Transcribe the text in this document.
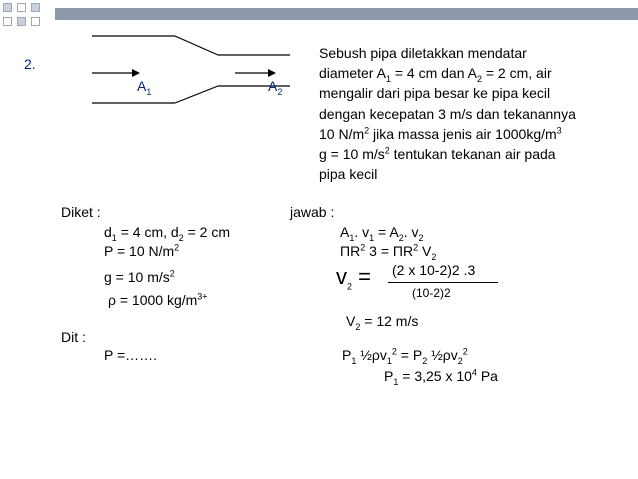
2.
$A_1$	$A_2$
Sebush pipa diletakkan mendatar
diameter $A_1 = 4$ cm dan $A_2 = 2$ cm, air
mengalir dari pipa besar ke pipa kecil
dengan kecepatan 3 m/s dan tekanannya
10 $N/m^2$ jika massa jenis air $1000kg/m^3$
g = 10 $m/s^2$ tentukan tekanan air pada
pipa kecil
Diket :
$d_1 = 4$ cm, $d_2 = 2$ cm
P = 10 $N/m^2$
g = 10 $m/s^2$
ρ = 1000 $kg/m^{3+}$
Dit :
P =…….
jawab :
$A_1$. $v_1 = A_2$. $v_2$
$\Pi R^2$ $3 = \Pi R^2$ $V_2$
$v_2 = (2$ x 10-2)2 .3
(10-2)2
$V_2 = 12$ m/s
$P_1$ $\frac{1}{2}\rho v_1^2 = P_2$ $\frac{1}{2}\rho v_2^2$
$P_1 = 3,25$ x $10^4$ Pa
